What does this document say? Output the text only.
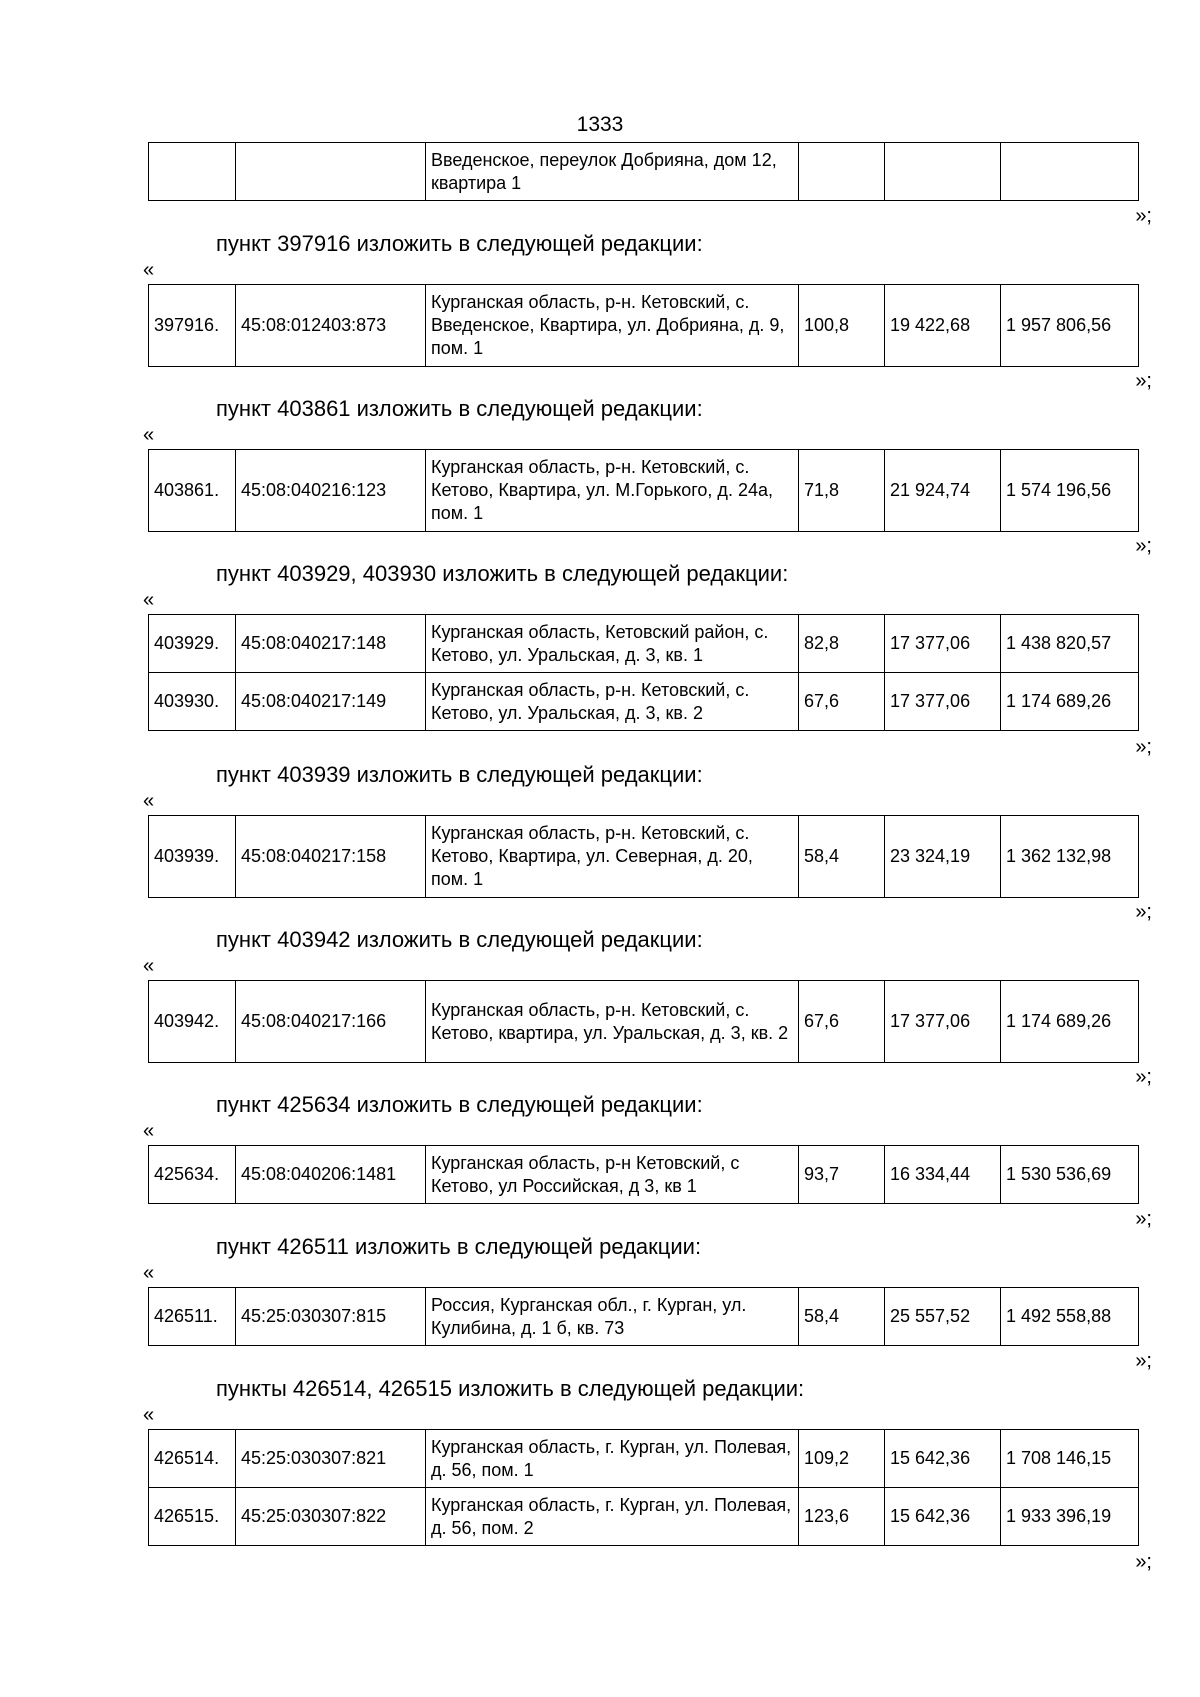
1333
		Введенское, переулок Добрияна, дом 12, квартира 1			
»;
пункт 397916 изложить в следующей редакции:
«
397916.	45:08:012403:873	Курганская область, р-н. Кетовский, с. Введенское, Квартира, ул. Добрияна, д. 9, пом. 1	100,8	19 422,68	1 957 806,56
»;
пункт 403861 изложить в следующей редакции:
«
403861.	45:08:040216:123	Курганская область, р-н. Кетовский, с. Кетово, Квартира, ул. М.Горького, д. 24а, пом. 1	71,8	21 924,74	1 574 196,56
»;
пункт 403929, 403930 изложить в следующей редакции:
«
403929.	45:08:040217:148	Курганская область, Кетовский район, с. Кетово, ул. Уральская, д. 3, кв. 1	82,8	17 377,06	1 438 820,57
403930.	45:08:040217:149	Курганская область, р-н. Кетовский, с. Кетово, ул. Уральская, д. 3, кв. 2	67,6	17 377,06	1 174 689,26
»;
пункт 403939 изложить в следующей редакции:
«
403939.	45:08:040217:158	Курганская область, р-н. Кетовский, с. Кетово, Квартира, ул. Северная, д. 20, пом. 1	58,4	23 324,19	1 362 132,98
»;
пункт 403942 изложить в следующей редакции:
«
403942.	45:08:040217:166	Курганская область, р-н. Кетовский, с. Кетово, квартира, ул. Уральская, д. 3, кв. 2	67,6	17 377,06	1 174 689,26
»;
пункт 425634 изложить в следующей редакции:
«
425634.	45:08:040206:1481	Курганская область, р-н Кетовский, с Кетово, ул Российская, д 3, кв 1	93,7	16 334,44	1 530 536,69
»;
пункт 426511 изложить в следующей редакции:
«
426511.	45:25:030307:815	Россия, Курганская обл., г. Курган, ул. Кулибина, д. 1 б, кв. 73	58,4	25 557,52	1 492 558,88
»;
пункты 426514, 426515 изложить в следующей редакции:
«
426514.	45:25:030307:821	Курганская область, г. Курган, ул. Полевая, д. 56, пом. 1	109,2	15 642,36	1 708 146,15
426515.	45:25:030307:822	Курганская область, г. Курган, ул. Полевая, д. 56, пом. 2	123,6	15 642,36	1 933 396,19
»;
